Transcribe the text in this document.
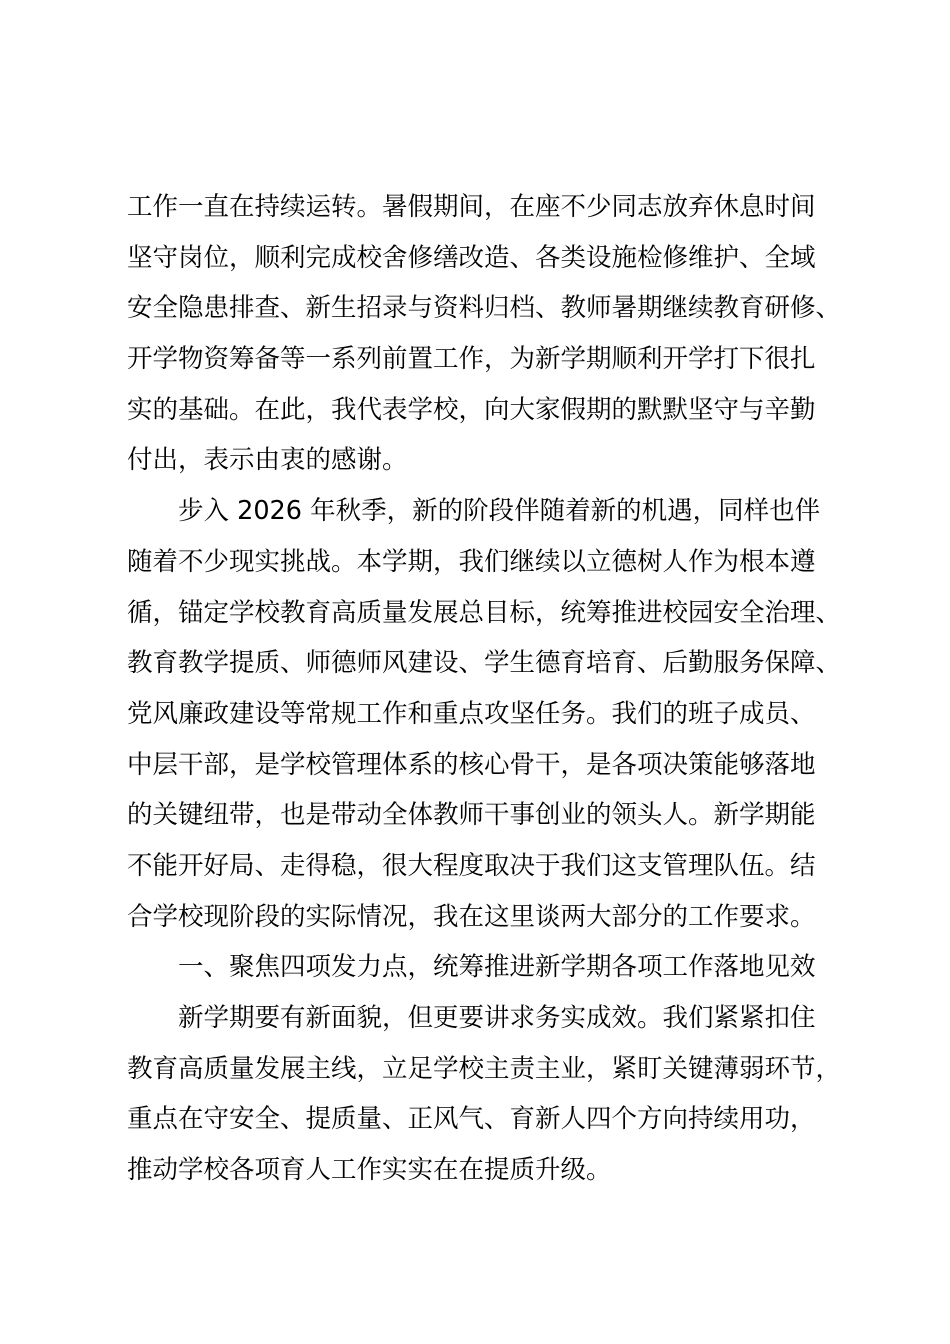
工作一直在持续运转。暑假期间，在座不少同志放弃休息时间
坚守岗位，顺利完成校舍修缮改造、各类设施检修维护、全域
安全隐患排查、新生招录与资料归档、教师暑期继续教育研修、
开学物资筹备等一系列前置工作，为新学期顺利开学打下很扎
实的基础。在此，我代表学校，向大家假期的默默坚守与辛勤
付出，表示由衷的感谢。

步入 2026 年秋季，新的阶段伴随着新的机遇，同样也伴
随着不少现实挑战。本学期，我们继续以立德树人作为根本遵
循，锚定学校教育高质量发展总目标，统筹推进校园安全治理、
教育教学提质、师德师风建设、学生德育培育、后勤服务保障、
党风廉政建设等常规工作和重点攻坚任务。我们的班子成员、
中层干部，是学校管理体系的核心骨干，是各项决策能够落地
的关键纽带，也是带动全体教师干事创业的领头人。新学期能
不能开好局、走得稳，很大程度取决于我们这支管理队伍。结
合学校现阶段的实际情况，我在这里谈两大部分的工作要求。

一、聚焦四项发力点，统筹推进新学期各项工作落地见效

新学期要有新面貌，但更要讲求务实成效。我们紧紧扣住
教育高质量发展主线，立足学校主责主业，紧盯关键薄弱环节，
重点在守安全、提质量、正风气、育新人四个方向持续用功，
推动学校各项育人工作实实在在提质升级。
